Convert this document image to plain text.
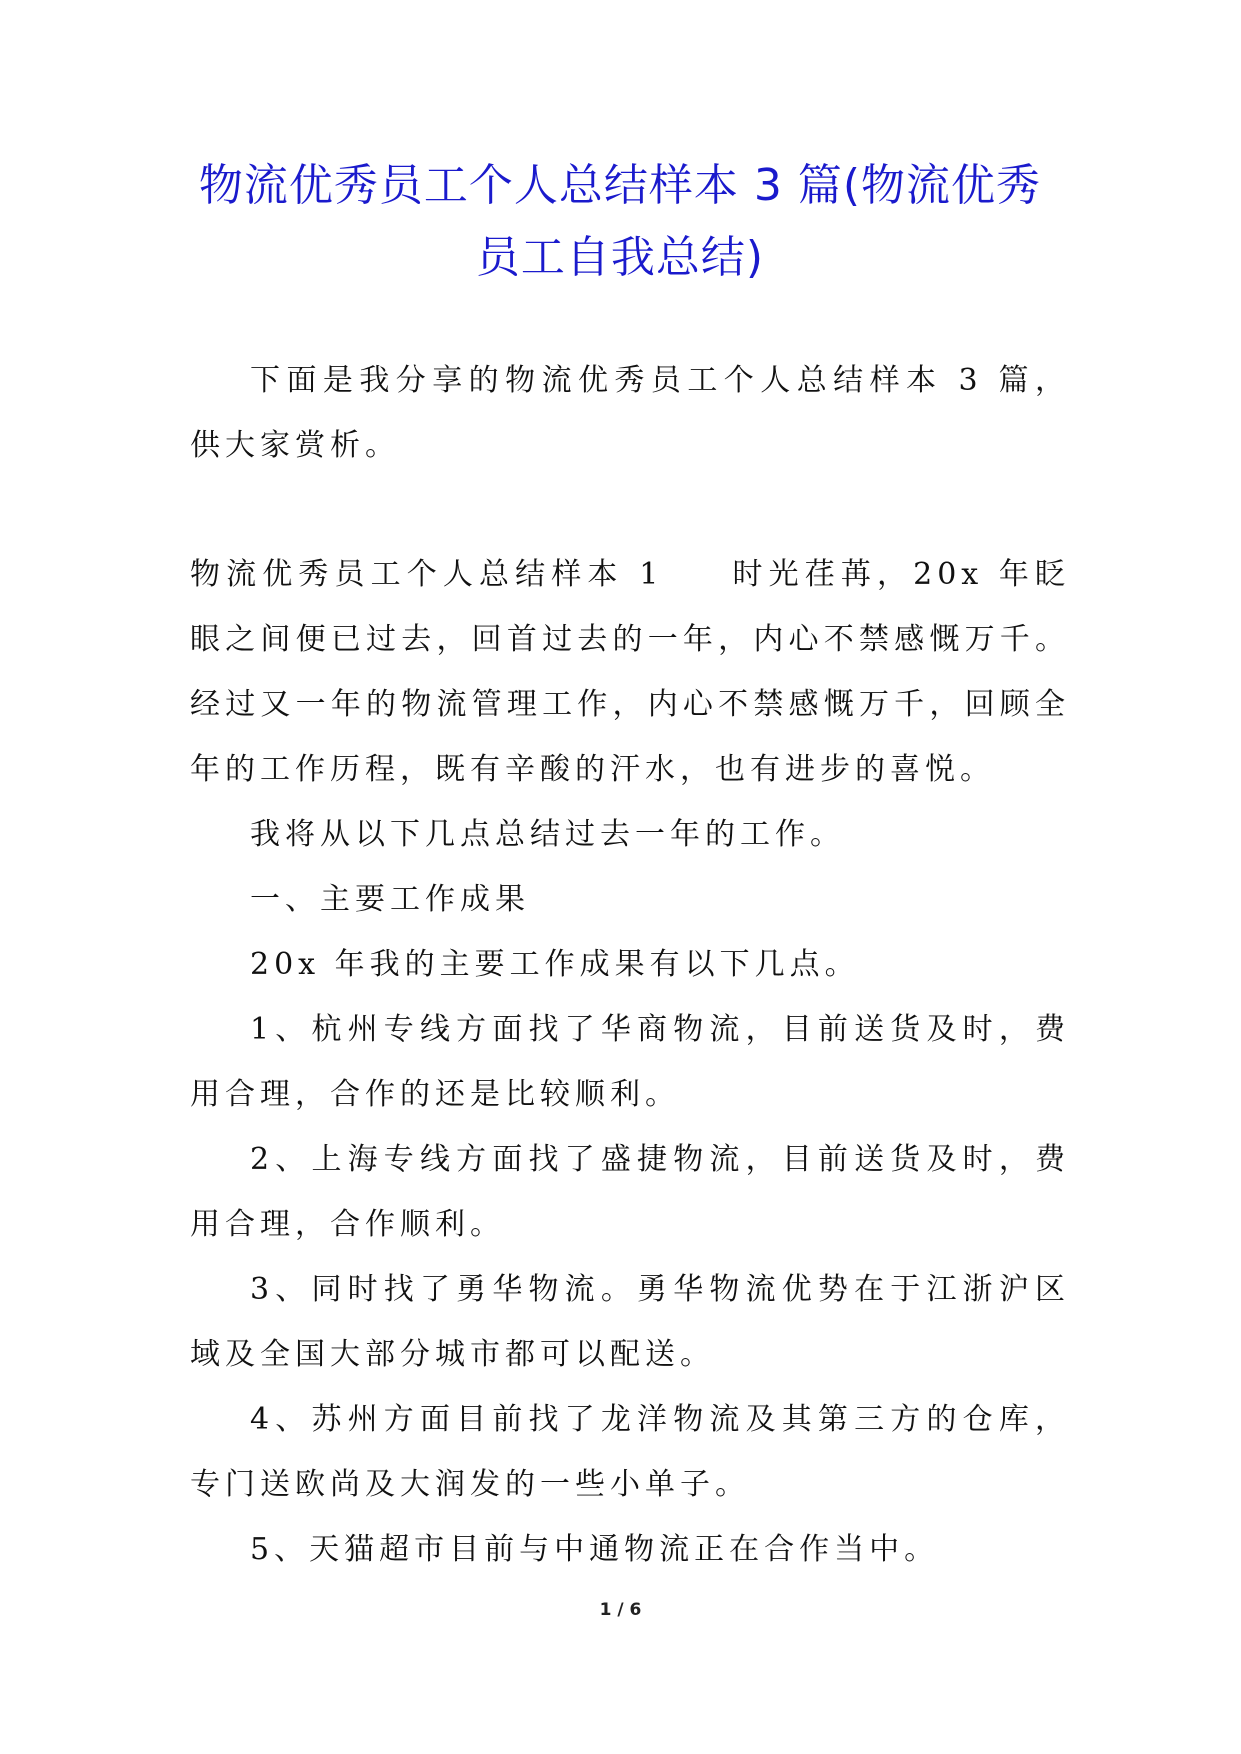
物流优秀员工个人总结样本 3 篇(物流优秀
员工自我总结)

下面是我分享的物流优秀员工个人总结样本 3 篇，供大家赏析。

物流优秀员工个人总结样本 1 时光荏苒，20x 年眨眼之间便已过去，回首过去的一年，内心不禁感慨万千。经过又一年的物流管理工作，内心不禁感慨万千，回顾全年的工作历程，既有辛酸的汗水，也有进步的喜悦。

我将从以下几点总结过去一年的工作。

一、主要工作成果

20x 年我的主要工作成果有以下几点。

1、杭州专线方面找了华商物流，目前送货及时，费用合理，合作的还是比较顺利。

2、上海专线方面找了盛捷物流，目前送货及时，费用合理，合作顺利。

3、同时找了勇华物流。勇华物流优势在于江浙沪区域及全国大部分城市都可以配送。

4、苏州方面目前找了龙洋物流及其第三方的仓库，专门送欧尚及大润发的一些小单子。

5、天猫超市目前与中通物流正在合作当中。

1 / 6
